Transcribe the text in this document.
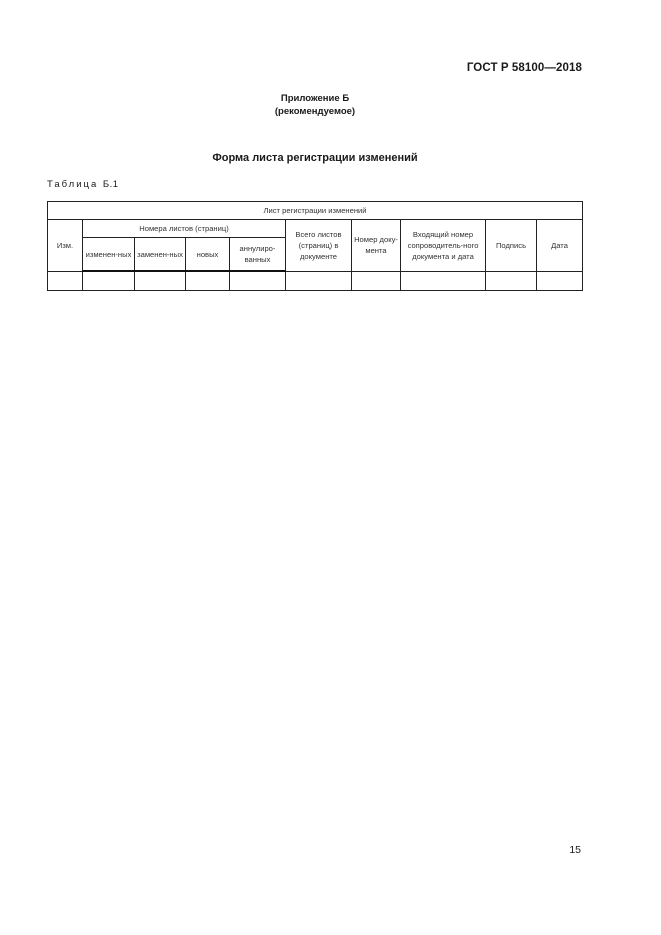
ГОСТ Р 58100—2018
Приложение Б
(рекомендуемое)
Форма листа регистрации изменений
Таблица Б.1
Лист регистрации изменений									
Изм.	Номера листов (страниц)				Всего листов (страниц) в документе	Номер доку-мента	Входящий номер сопроводитель-ного документа и дата	Подпись	Дата
	изменен-ных	заменен-ных	новых	аннулиро-ванных					

15
